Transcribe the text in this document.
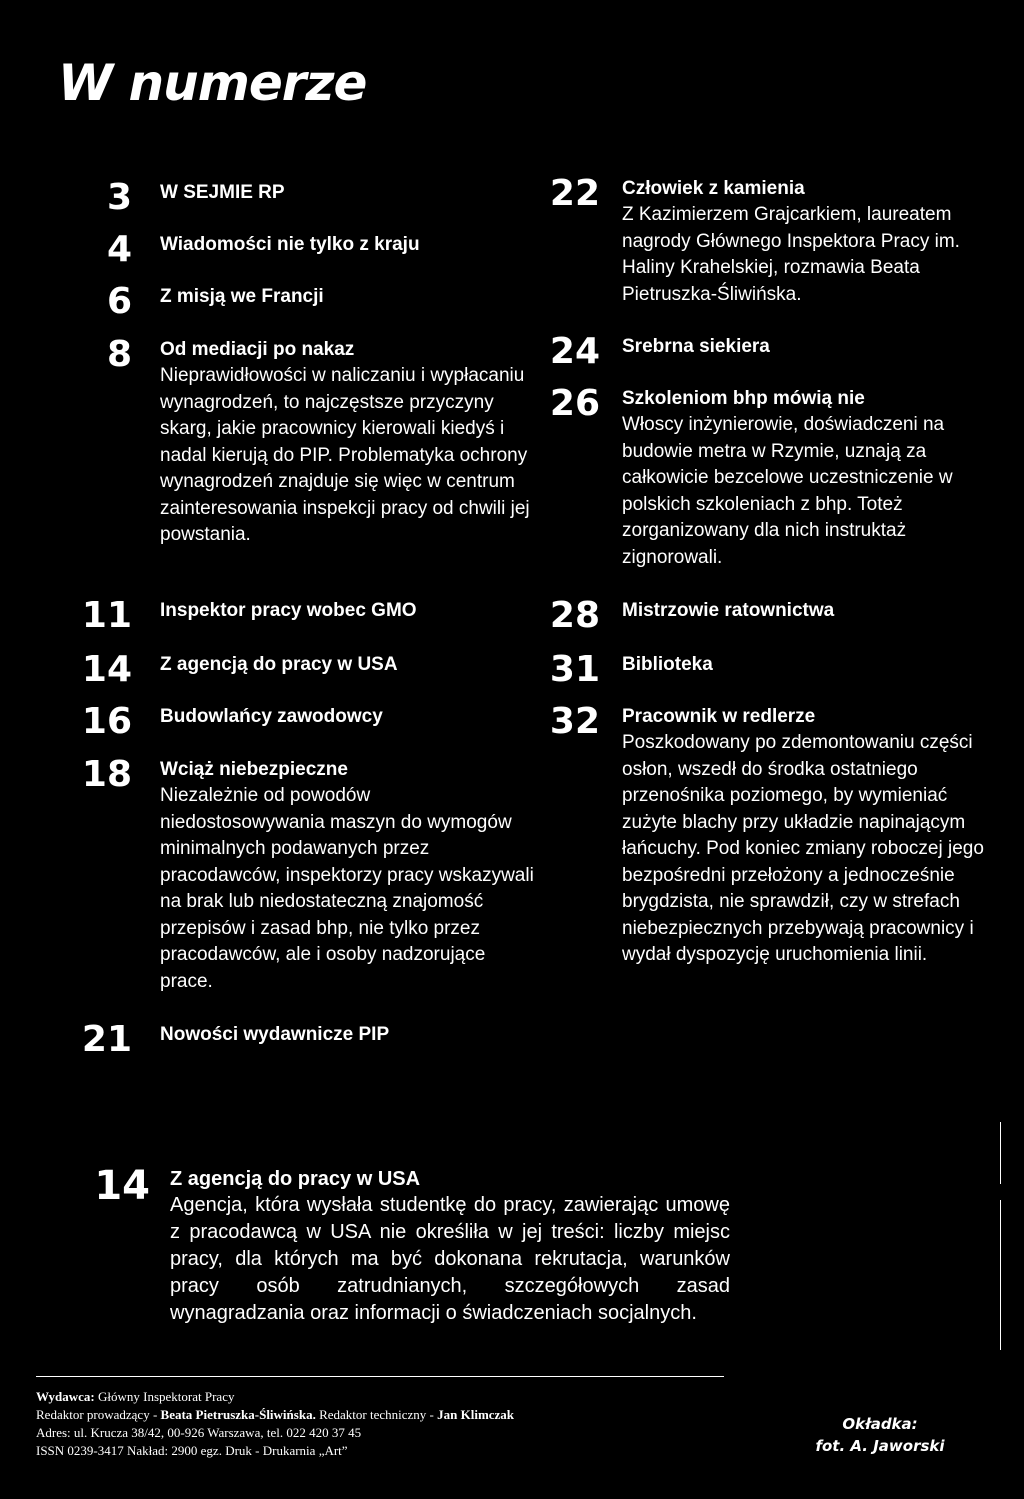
W numerze
3 W SEJMIE RP
4 Wiadomości nie tylko z kraju
6 Z misją we Francji
8 Od mediacji po nakaz
Nieprawidłowości w naliczaniu i wypłacaniu wynagrodzeń, to najczęstsze przyczyny skarg, jakie pracownicy kierowali kiedyś i nadal kierują do PIP. Problematyka ochrony wynagrodzeń znajduje się więc w centrum zainteresowania inspekcji pracy od chwili jej powstania.
11 Inspektor pracy wobec GMO
14 Z agencją do pracy w USA
16 Budowlańcy zawodowcy
18 Wciąż niebezpieczne
Niezależnie od powodów niedostosowywania maszyn do wymogów minimalnych podawanych przez pracodawców, inspektorzy pracy wskazywali na brak lub niedostateczną znajomość przepisów i zasad bhp, nie tylko przez pracodawców, ale i osoby nadzorujące prace.
21 Nowości wydawnicze PIP
22 Człowiek z kamienia
Z Kazimierzem Grajcarkiem, laureatem nagrody Głównego Inspektora Pracy im. Haliny Krahelskiej, rozmawia Beata Pietruszka-Śliwińska.
24 Srebrna siekiera
26 Szkoleniom bhp mówią nie
Włoscy inżynierowie, doświadczeni na budowie metra w Rzymie, uznają za całkowicie bezcelowe uczestniczenie w polskich szkoleniach z bhp. Toteż zorganizowany dla nich instruktaż zignorowali.
28 Mistrzowie ratownictwa
31 Biblioteka
32 Pracownik w redlerze
Poszkodowany po zdemontowaniu części osłon, wszedł do środka ostatniego przenośnika poziomego, by wymieniać zużyte blachy przy układzie napinającym łańcuchy. Pod koniec zmiany roboczej jego bezpośredni przełożony a jednocześnie brygdzista, nie sprawdził, czy w strefach niebezpiecznych przebywają pracownicy i wydał dyspozycję uruchomienia linii.
14 Z agencją do pracy w USA
Agencja, która wysłała studentkę do pracy, zawierając umowę z pracodawcą w USA nie określiła w jej treści: liczby miejsc pracy, dla których ma być dokonana rekrutacja, warunków pracy osób zatrudnianych, szczegółowych zasad wynagradzania oraz informacji o świadczeniach socjalnych.
Wydawca: Główny Inspektorat Pracy
Redaktor prowadzący - Beata Pietruszka-Śliwińska. Redaktor techniczny - Jan Klimczak
Adres: ul. Krucza 38/42, 00-926 Warszawa, tel. 022 420 37 45
ISSN 0239-3417 Nakład: 2900 egz. Druk - Drukarnia „Art”
Okładka:
fot. A. Jaworski
